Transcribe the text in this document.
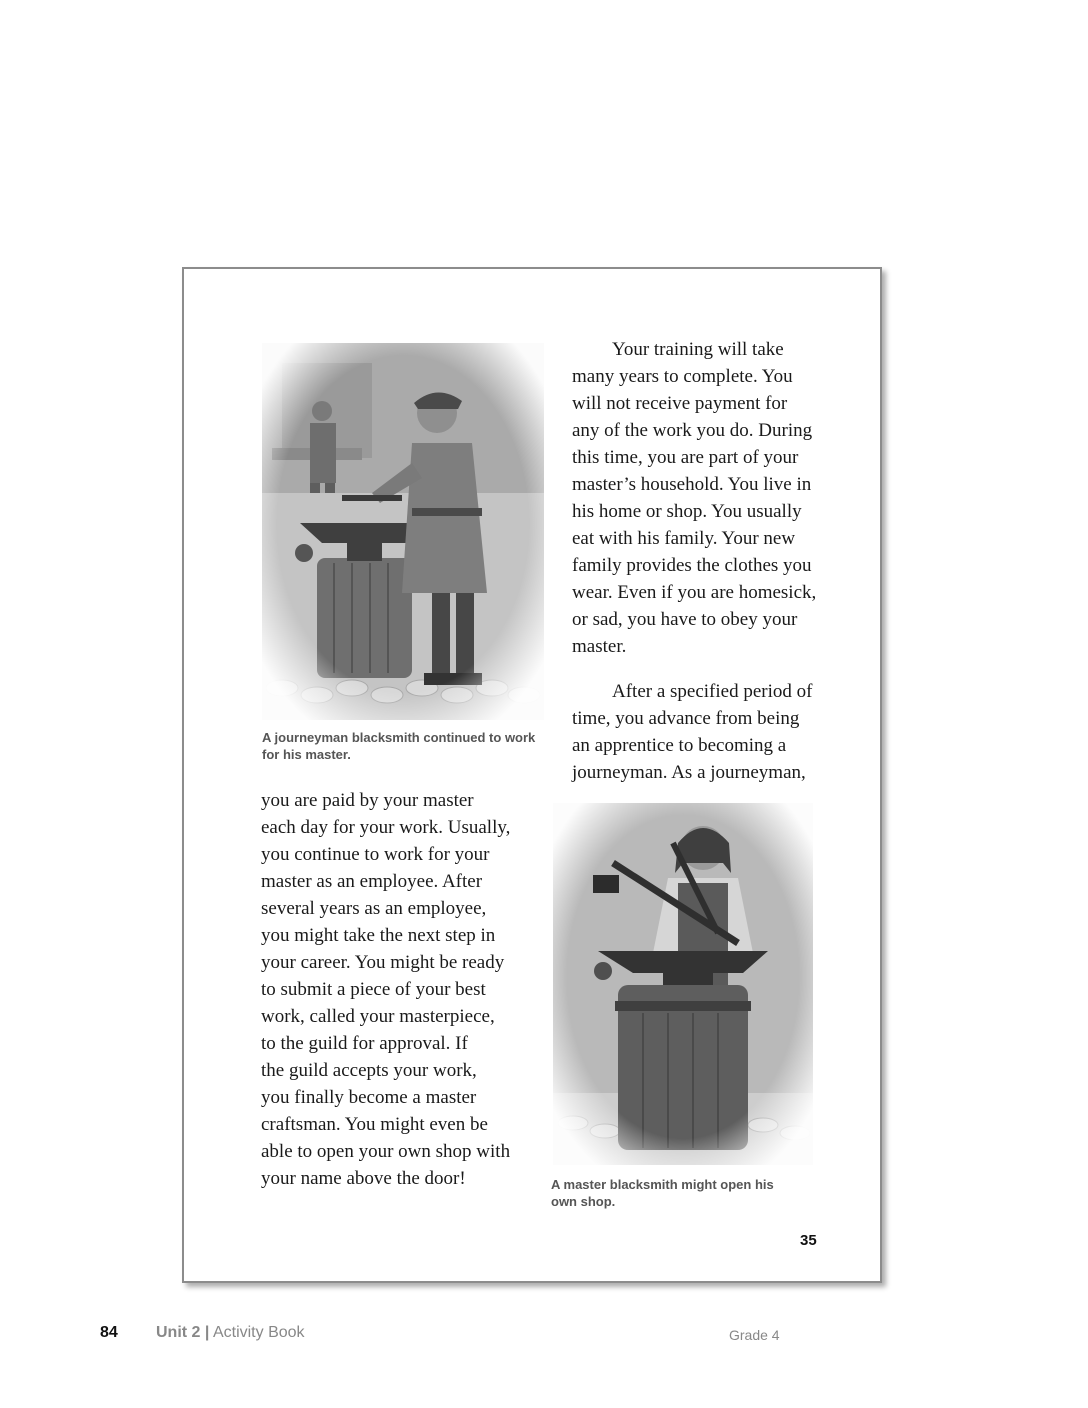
A journeyman blacksmith continued to work
for his master.
Your training will take
many years to complete. You
will not receive payment for
any of the work you do. During
this time, you are part of your
master’s household. You live in
his home or shop. You usually
eat with his family. Your new
family provides the clothes you
wear. Even if you are homesick,
or sad, you have to obey your
master.
After a specified period of
time, you advance from being
an apprentice to becoming a
journeyman. As a journeyman,
you are paid by your master
each day for your work. Usually,
you continue to work for your
master as an employee. After
several years as an employee,
you might take the next step in
your career. You might be ready
to submit a piece of your best
work, called your masterpiece,
to the guild for approval. If
the guild accepts your work,
you finally become a master
craftsman. You might even be
able to open your own shop with
your name above the door!	A master blacksmith might open his
own shop.
35
84 Unit 2 | Activity Book	Grade 4
